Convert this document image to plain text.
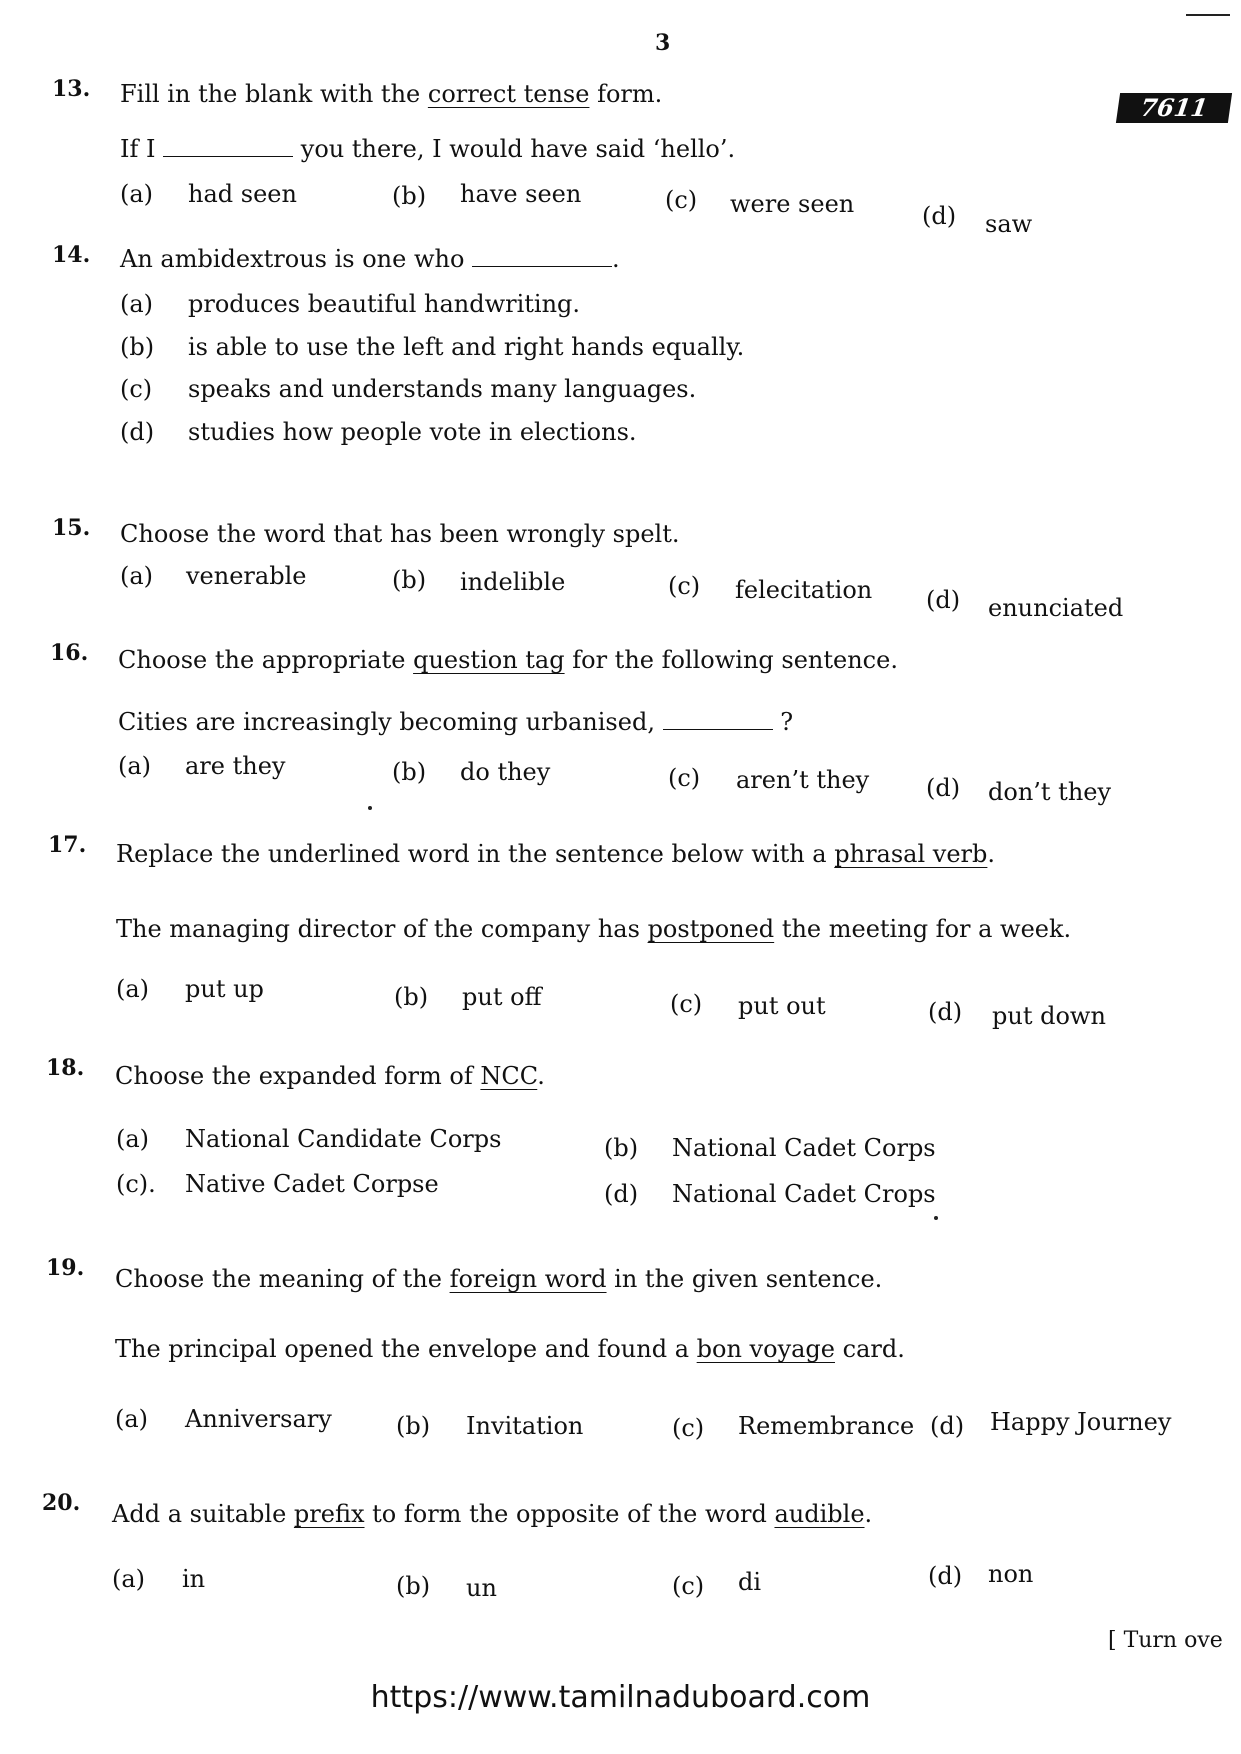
3
7611
13. Fill in the blank with the correct tense form.
If I	you there, I would have said ‘hello’.
(a) had seen	(b) have seen	(c) were seen	(d) saw
14. An ambidextrous is one who	.
(a) produces beautiful handwriting.
(b) is able to use the left and right hands equally.
(c) speaks and understands many languages.
(d) studies how people vote in elections.
15. Choose the word that has been wrongly spelt.
(a) venerable	(b) indelible	(c) felecitation (d) enunciated
16. Choose the appropriate question tag for the following sentence.
Cities are increasingly becoming urbanised,	?
(a) are they	(b) do they	(c) aren’t they (d) don’t they
17. Replace the underlined word in the sentence below with a phrasal verb.
The managing director of the company has postponed the meeting for a week.
(a) put up	(b) put off	(c) put out	(d) put down
18. Choose the expanded form of NCC.
(a) National Candidate Corps	(b) National Cadet Corps
(c). Native Cadet Corpse	(d) National Cadet Crops
19. Choose the meaning of the foreign word in the given sentence.
The principal opened the envelope and found a bon voyage card.
(a) Anniversary	(b) Invitation	(c) Remembrance (d) Happy Journey
20. Add a suitable prefix to form the opposite of the word audible.
(a) in	(b) un	(c) di	(d) non
[ Turn ove
https://www.tamilnaduboard.com
